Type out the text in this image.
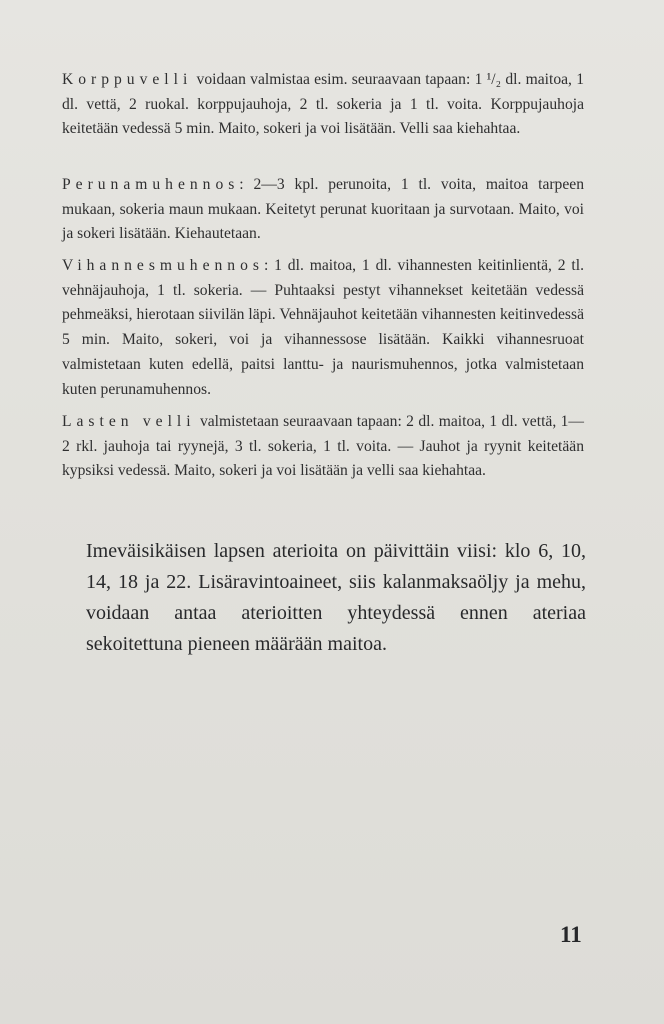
Korppuvelli voidaan valmistaa esim. seuraavaan tapaan: 1 ¹/₂ dl. maitoa, 1 dl. vettä, 2 ruokal. korppujauhoja, 2 tl. sokeria ja 1 tl. voita. Korppujauhoja keitetään vedessä 5 min. Maito, sokeri ja voi lisätään. Velli saa kiehahtaa.

Perunamuhennos: 2—3 kpl. perunoita, 1 tl. voita, maitoa tarpeen mukaan, sokeria maun mukaan. Keitetyt perunat kuoritaan ja survotaan. Maito, voi ja sokeri lisätään. Kiehautetaan.

Vihannesmuhennos: 1 dl. maitoa, 1 dl. vihannesten keitinlientä, 2 tl. vehnäjauhoja, 1 tl. sokeria. — Puhtaaksi pestyt vihannekset keitetään vedessä pehmeäksi, hierotaan siivilän läpi. Vehnäjauhot keitetään vihannesten keitinvedessä 5 min. Maito, sokeri, voi ja vihannessose lisätään. Kaikki vihannesruoat valmistetaan kuten edellä, paitsi lanttu- ja naurismuhennos, jotka valmistetaan kuten perunamuhennos.

Lasten velli valmistetaan seuraavaan tapaan: 2 dl. maitoa, 1 dl. vettä, 1—2 rkl. jauhoja tai ryynejä, 3 tl. sokeria, 1 tl. voita. — Jauhot ja ryynit keitetään kypsiksi vedessä. Maito, sokeri ja voi lisätään ja velli saa kiehahtaa.

Imeväisikäisen lapsen aterioita on päivittäin viisi: klo 6, 10, 14, 18 ja 22. Lisäravintoaineet, siis kalanmaksaöljy ja mehu, voidaan antaa aterioitten yhteydessä ennen ateriaa sekoitettuna pieneen määrään maitoa.

11
